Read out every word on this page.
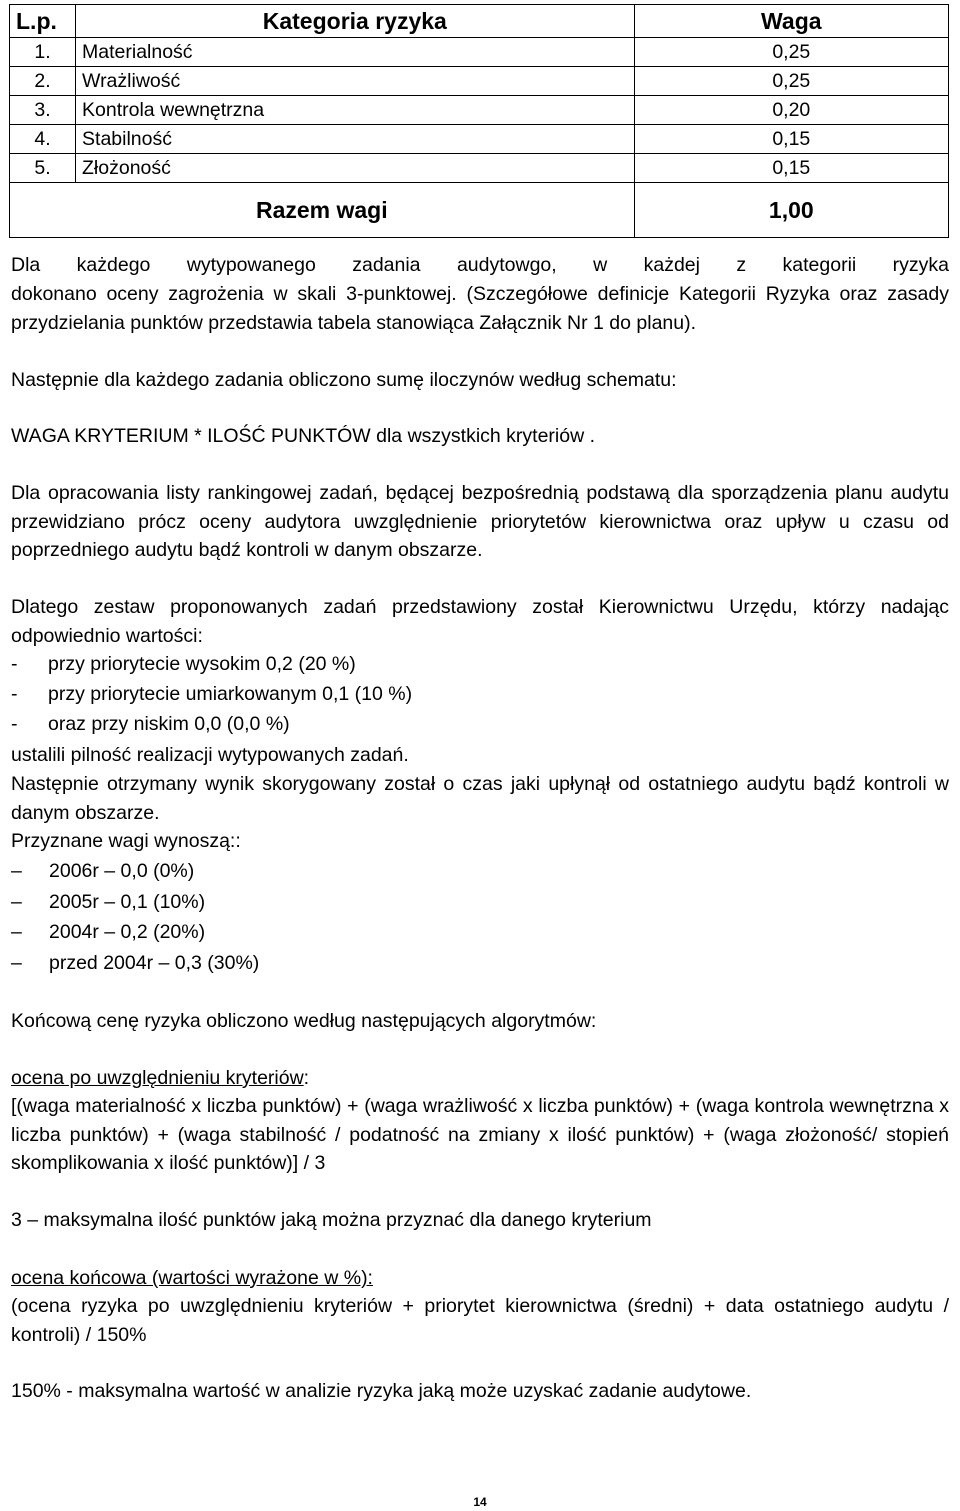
L.p.	Kategoria ryzyka	Waga
1.	Materialność	0,25
2.	Wrażliwość	0,25
3.	Kontrola wewnętrzna	0,20
4.	Stabilność	0,15
5.	Złożoność	0,15
Razem wagi		1,00

Dla każdego wytypowanego zadania audytowgo, w każdej z kategorii ryzyka

dokonano oceny zagrożenia w skali 3-punktowej. (Szczegółowe definicje Kategorii Ryzyka oraz zasady przydzielania punktów przedstawia tabela stanowiąca Załącznik Nr 1 do planu).

Następnie dla każdego zadania obliczono sumę iloczynów według schematu:

WAGA KRYTERIUM * ILOŚĆ PUNKTÓW dla wszystkich kryteriów .

Dla opracowania listy rankingowej zadań, będącej bezpośrednią podstawą dla sporządzenia planu audytu przewidziano prócz oceny audytora uwzględnienie priorytetów kierownictwa oraz upływ u czasu od poprzedniego audytu bądź kontroli w danym obszarze.

Dlatego zestaw proponowanych zadań przedstawiony został Kierownictwu Urzędu, którzy nadając odpowiednio wartości:

- przy priorytecie wysokim 0,2 (20 %)
- przy priorytecie umiarkowanym 0,1 (10 %)
- oraz przy niskim 0,0 (0,0 %)

ustalili pilność realizacji wytypowanych zadań.

Następnie otrzymany wynik skorygowany został o czas jaki upłynął od ostatniego audytu bądź kontroli w danym obszarze.

Przyznane wagi wynoszą::

– 2006r – 0,0 (0%)
– 2005r – 0,1 (10%)
– 2004r – 0,2 (20%)
– przed 2004r – 0,3 (30%)

Końcową cenę ryzyka obliczono według następujących algorytmów:

ocena po uwzględnieniu kryteriów:

[(waga materialność x liczba punktów) + (waga wrażliwość x liczba punktów) + (waga kontrola wewnętrzna x liczba punktów) + (waga stabilność / podatność na zmiany x ilość punktów) + (waga złożoność/ stopień skomplikowania x ilość punktów)] / 3

3 – maksymalna ilość punktów jaką można przyznać dla danego kryterium

ocena końcowa (wartości wyrażone w %):

(ocena ryzyka po uwzględnieniu kryteriów + priorytet kierownictwa (średni) + data ostatniego audytu / kontroli) / 150%

150% - maksymalna wartość w analizie ryzyka jaką może uzyskać zadanie audytowe.

14
